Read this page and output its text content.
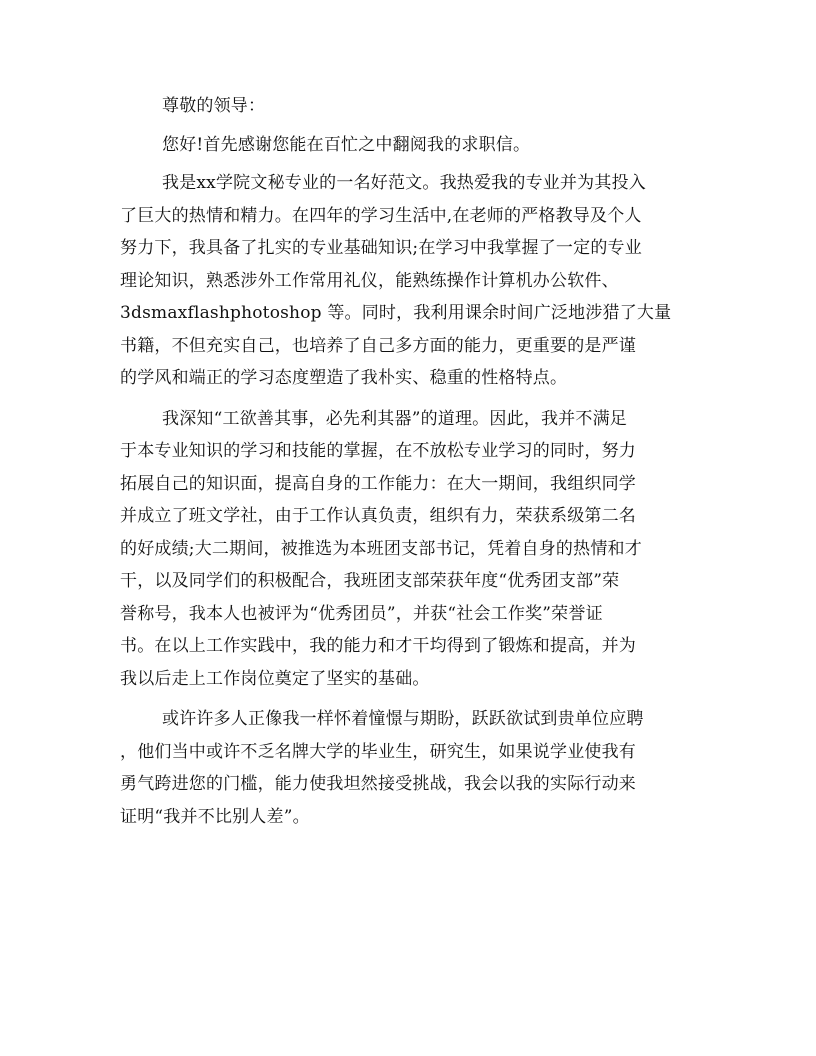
尊敬的领导：
您好!首先感谢您能在百忙之中翻阅我的求职信。
我是xx学院文秘专业的一名好范文。我热爱我的专业并为其投入
了巨大的热情和精力。在四年的学习生活中,在老师的严格教导及个人
努力下，我具备了扎实的专业基础知识;在学习中我掌握了一定的专业
理论知识，熟悉涉外工作常用礼仪，能熟练操作计算机办公软件、
3dsmaxflashphotoshop 等。同时，我利用课余时间广泛地涉猎了大量
书籍，不但充实自己，也培养了自己多方面的能力，更重要的是严谨
的学风和端正的学习态度塑造了我朴实、稳重的性格特点。
我深知“工欲善其事，必先利其器”的道理。因此，我并不满足
于本专业知识的学习和技能的掌握，在不放松专业学习的同时，努力
拓展自己的知识面，提高自身的工作能力：在大一期间，我组织同学
并成立了班文学社，由于工作认真负责，组织有力，荣获系级第二名
的好成绩;大二期间，被推选为本班团支部书记，凭着自身的热情和才
干，以及同学们的积极配合，我班团支部荣获年度“优秀团支部”荣
誉称号，我本人也被评为“优秀团员”，并获“社会工作奖”荣誉证
书。在以上工作实践中，我的能力和才干均得到了锻炼和提高，并为
我以后走上工作岗位奠定了坚实的基础。
或许许多人正像我一样怀着憧憬与期盼，跃跃欲试到贵单位应聘
，他们当中或许不乏名牌大学的毕业生，研究生，如果说学业使我有
勇气跨进您的门槛，能力使我坦然接受挑战，我会以我的实际行动来
证明“我并不比别人差”。
